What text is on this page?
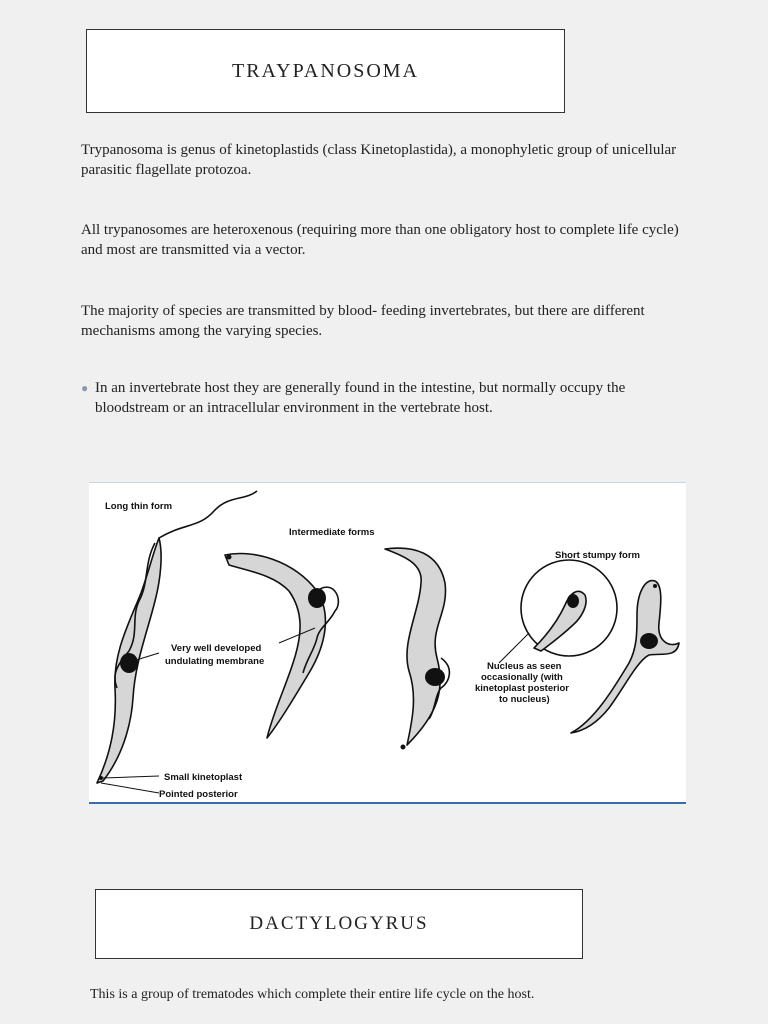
TRAYPANOSOMA
Trypanosoma is genus of kinetoplastids (class Kinetoplastida), a monophyletic group of unicellular parasitic flagellate protozoa.
All trypanosomes are heteroxenous (requiring more than one obligatory host to complete life cycle) and most are transmitted via a vector.
The majority of species are transmitted by blood- feeding invertebrates, but there are different mechanisms among the varying species.
● In an invertebrate host they are generally found in the intestine, but normally occupy the bloodstream or an intracellular environment in the vertebrate host.
Long thin form
Intermediate forms
Short stumpy form
Very well developed
undulating membrane	Nucleus as seen
occasionally (with
kinetoplast posterior
to nucleus)
Small kinetoplast
Pointed posterior
DACTYLOGYRUS
This is a group of trematodes which complete their entire life cycle on the host.
